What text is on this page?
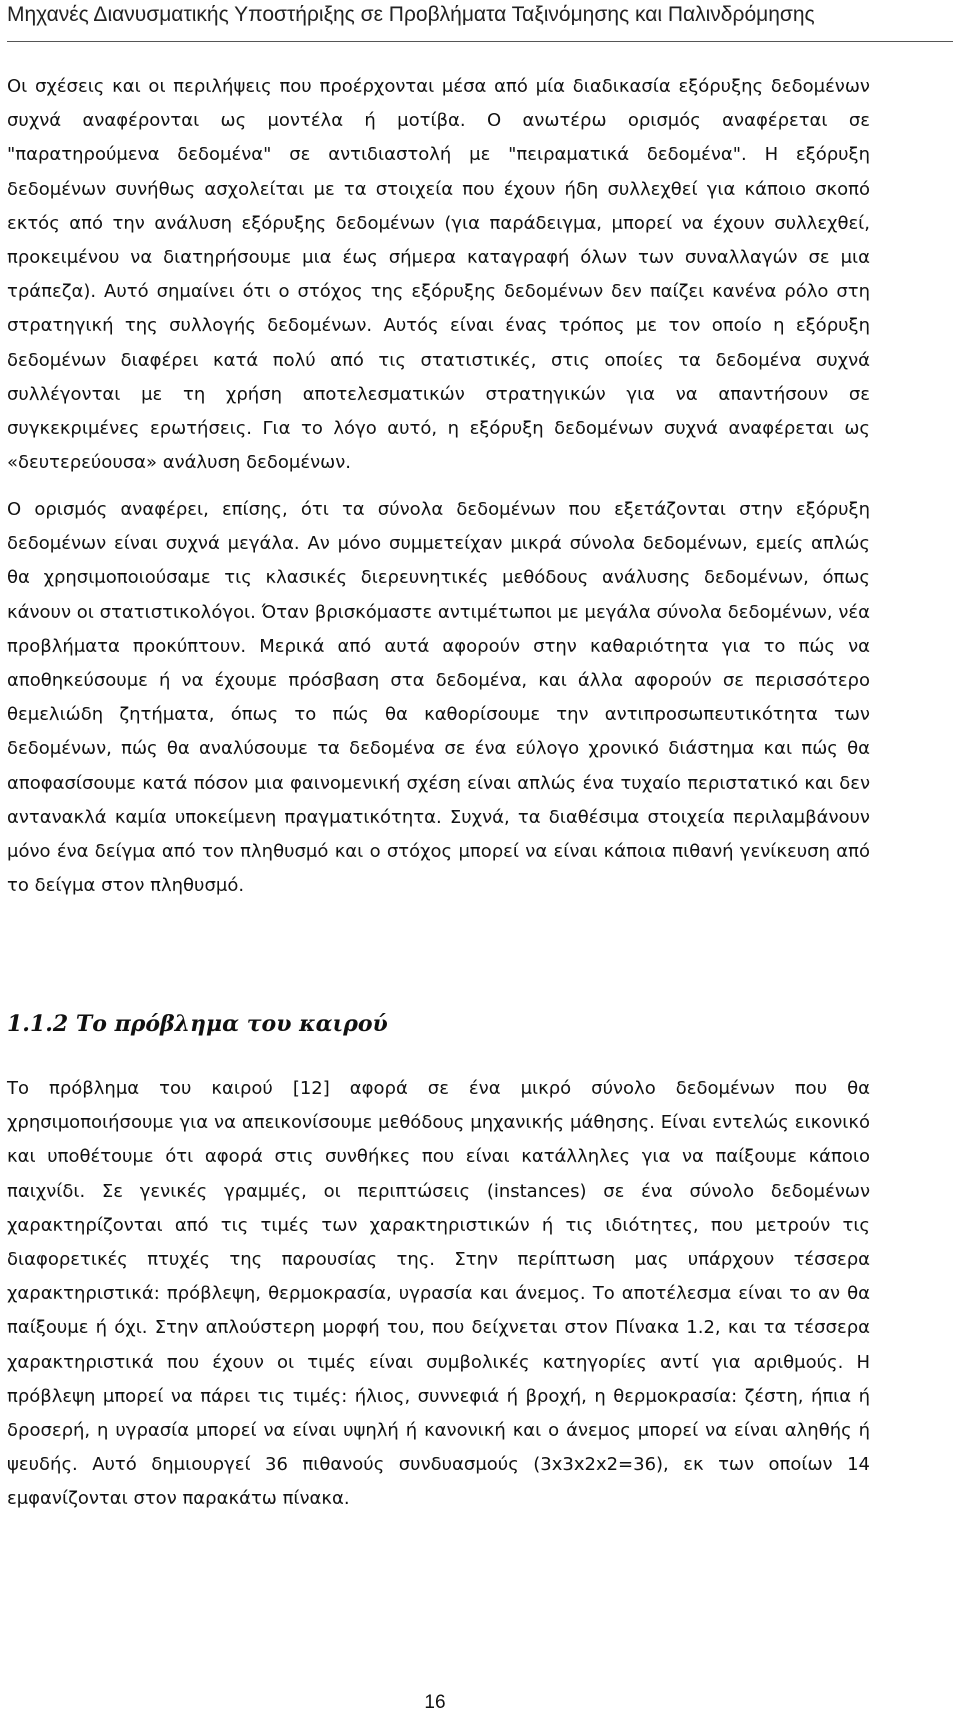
Μηχανές Διανυσματικής Υποστήριξης σε Προβλήματα Ταξινόμησης και Παλινδρόμησης

Οι σχέσεις και οι περιλήψεις που προέρχονται μέσα από μία διαδικασία εξόρυξης δεδομένων συχνά αναφέρονται ως μοντέλα ή μοτίβα. Ο ανωτέρω ορισμός αναφέρεται σε "παρατηρούμενα δεδομένα" σε αντιδιαστολή με "πειραματικά δεδομένα". Η εξόρυξη δεδομένων συνήθως ασχολείται με τα στοιχεία που έχουν ήδη συλλεχθεί για κάποιο σκοπό εκτός από την ανάλυση εξόρυξης δεδομένων (για παράδειγμα, μπορεί να έχουν συλλεχθεί, προκειμένου να διατηρήσουμε μια έως σήμερα καταγραφή όλων των συναλλαγών σε μια τράπεζα). Αυτό σημαίνει ότι ο στόχος της εξόρυξης δεδομένων δεν παίζει κανένα ρόλο στη στρατηγική της συλλογής δεδομένων. Αυτός είναι ένας τρόπος με τον οποίο η εξόρυξη δεδομένων διαφέρει κατά πολύ από τις στατιστικές, στις οποίες τα δεδομένα συχνά συλλέγονται με τη χρήση αποτελεσματικών στρατηγικών για να απαντήσουν σε συγκεκριμένες ερωτήσεις. Για το λόγο αυτό, η εξόρυξη δεδομένων συχνά αναφέρεται ως «δευτερεύουσα» ανάλυση δεδομένων.

Ο ορισμός αναφέρει, επίσης, ότι τα σύνολα δεδομένων που εξετάζονται στην εξόρυξη δεδομένων είναι συχνά μεγάλα. Αν μόνο συμμετείχαν μικρά σύνολα δεδομένων, εμείς απλώς θα χρησιμοποιούσαμε τις κλασικές διερευνητικές μεθόδους ανάλυσης δεδομένων, όπως κάνουν οι στατιστικολόγοι. Όταν βρισκόμαστε αντιμέτωποι με μεγάλα σύνολα δεδομένων, νέα προβλήματα προκύπτουν. Μερικά από αυτά αφορούν στην καθαριότητα για το πώς να αποθηκεύσουμε ή να έχουμε πρόσβαση στα δεδομένα, και άλλα αφορούν σε περισσότερο θεμελιώδη ζητήματα, όπως το πώς θα καθορίσουμε την αντιπροσωπευτικότητα των δεδομένων, πώς θα αναλύσουμε τα δεδομένα σε ένα εύλογο χρονικό διάστημα και πώς θα αποφασίσουμε κατά πόσον μια φαινομενική σχέση είναι απλώς ένα τυχαίο περιστατικό και δεν αντανακλά καμία υποκείμενη πραγματικότητα. Συχνά, τα διαθέσιμα στοιχεία περιλαμβάνουν μόνο ένα δείγμα από τον πληθυσμό και ο στόχος μπορεί να είναι κάποια πιθανή γενίκευση από το δείγμα στον πληθυσμό.

1.1.2 Το πρόβλημα του καιρού

Το πρόβλημα του καιρού [12] αφορά σε ένα μικρό σύνολο δεδομένων που θα χρησιμοποιήσουμε για να απεικονίσουμε μεθόδους μηχανικής μάθησης. Είναι εντελώς εικονικό και υποθέτουμε ότι αφορά στις συνθήκες που είναι κατάλληλες για να παίξουμε κάποιο παιχνίδι. Σε γενικές γραμμές, οι περιπτώσεις (instances) σε ένα σύνολο δεδομένων χαρακτηρίζονται από τις τιμές των χαρακτηριστικών ή τις ιδιότητες, που μετρούν τις διαφορετικές πτυχές της παρουσίας της. Στην περίπτωση μας υπάρχουν τέσσερα χαρακτηριστικά: πρόβλεψη, θερμοκρασία, υγρασία και άνεμος. Το αποτέλεσμα είναι το αν θα παίξουμε ή όχι. Στην απλούστερη μορφή του, που δείχνεται στον Πίνακα 1.2, και τα τέσσερα χαρακτηριστικά που έχουν οι τιμές είναι συμβολικές κατηγορίες αντί για αριθμούς. Η πρόβλεψη μπορεί να πάρει τις τιμές: ήλιος, συννεφιά ή βροχή, η θερμοκρασία: ζέστη, ήπια ή δροσερή, η υγρασία μπορεί να είναι υψηλή ή κανονική και ο άνεμος μπορεί να είναι αληθής ή ψευδής. Αυτό δημιουργεί 36 πιθανούς συνδυασμούς (3x3x2x2=36), εκ των οποίων 14 εμφανίζονται στον παρακάτω πίνακα.

16
